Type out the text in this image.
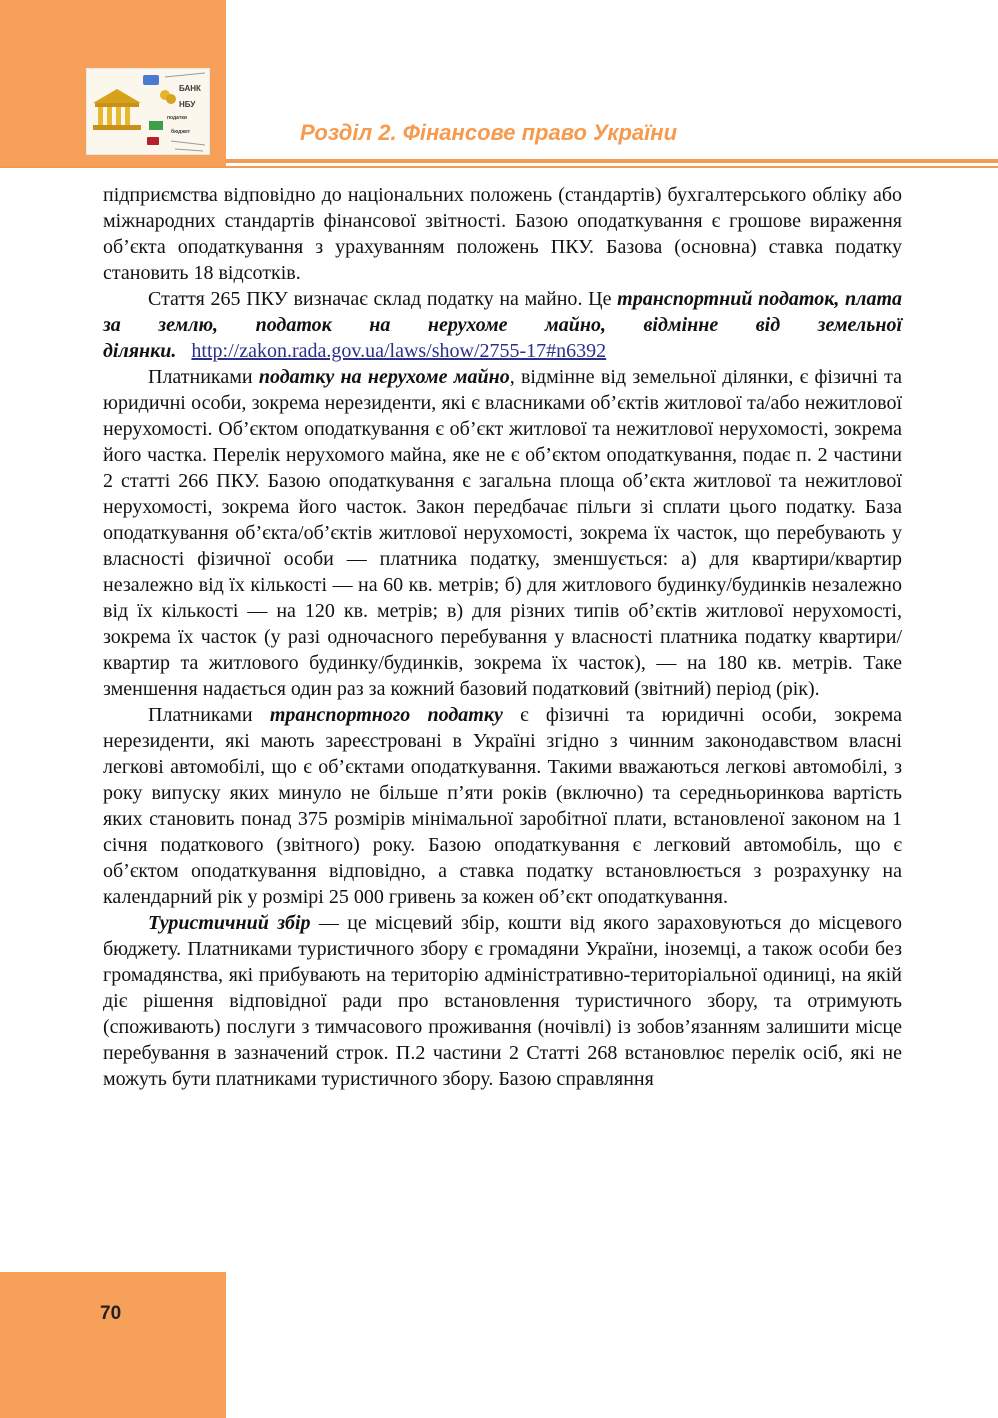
БАНК
НБУ
податки
бюджет	Розділ 2. Фінансове право України

підприємства відповідно до національних положень (стандартів) бухгалтерського обліку або міжнародних стандартів фінансової звітності. Базою оподаткування є грошове вираження об’єкта оподаткування з урахуванням положень ПКУ. Базова (основна) ставка податку становить 18 відсотків.

Стаття 265 ПКУ визначає склад податку на майно. Це транспортний податок, плата за землю, податок на нерухоме майно, відмінне від земельної ділянки. http://zakon.rada.gov.ua/laws/show/2755-17#n6392

Платниками податку на нерухоме майно, відмінне від земельної ділянки, є фізичні та юридичні особи, зокрема нерезиденти, які є власниками об’єктів житлової та/або нежитлової нерухомості. Об’єктом оподаткування є об’єкт житлової та нежитлової нерухомості, зокрема його частка. Перелік нерухомого майна, яке не є об’єктом оподаткування, подає п. 2 частини 2 статті 266 ПКУ. Базою оподаткування є загальна площа об’єкта житлової та нежитлової нерухомості, зокрема його часток. Закон передбачає пільги зі сплати цього податку. База оподаткування об’єкта/об’єктів житлової нерухомості, зокрема їх часток, що перебувають у власності фізичної особи — платника податку, зменшується: а) для квартири/квартир незалежно від їх кількості — на 60 кв. метрів; б) для житлового будинку/будинків незалежно від їх кількості — на 120 кв. метрів; в) для різних типів об’єктів житлової нерухомості, зокрема їх часток (у разі одночасного перебування у власності платника податку квартири/квартир та житлового будинку/будинків, зокрема їх часток), — на 180 кв. метрів. Таке зменшення надається один раз за кожний базовий податковий (звітний) період (рік).

Платниками транспортного податку є фізичні та юридичні особи, зокрема нерезиденти, які мають зареєстровані в Україні згідно з чинним законодавством власні легкові автомобілі, що є об’єктами оподаткування. Такими вважаються легкові автомобілі, з року випуску яких минуло не більше п’яти років (включно) та середньоринкова вартість яких становить понад 375 розмірів мінімальної заробітної плати, встановленої законом на 1 січня податкового (звітного) року. Базою оподаткування є легковий автомобіль, що є об’єктом оподаткування відповідно, а ставка податку встановлюється з розрахунку на календарний рік у розмірі 25 000 гривень за кожен об’єкт оподаткування.

Туристичний збір — це місцевий збір, кошти від якого зараховуються до місцевого бюджету. Платниками туристичного збору є громадяни України, іноземці, а також особи без громадянства, які прибувають на територію адміністративно-територіальної одиниці, на якій діє рішення відповідної ради про встановлення туристичного збору, та отримують (споживають) послуги з тимчасового проживання (ночівлі) із зобов’язанням залишити місце перебування в зазначений строк. П.2 частини 2 Статті 268 встановлює перелік осіб, які не можуть бути платниками туристичного збору. Базою справляння

70
